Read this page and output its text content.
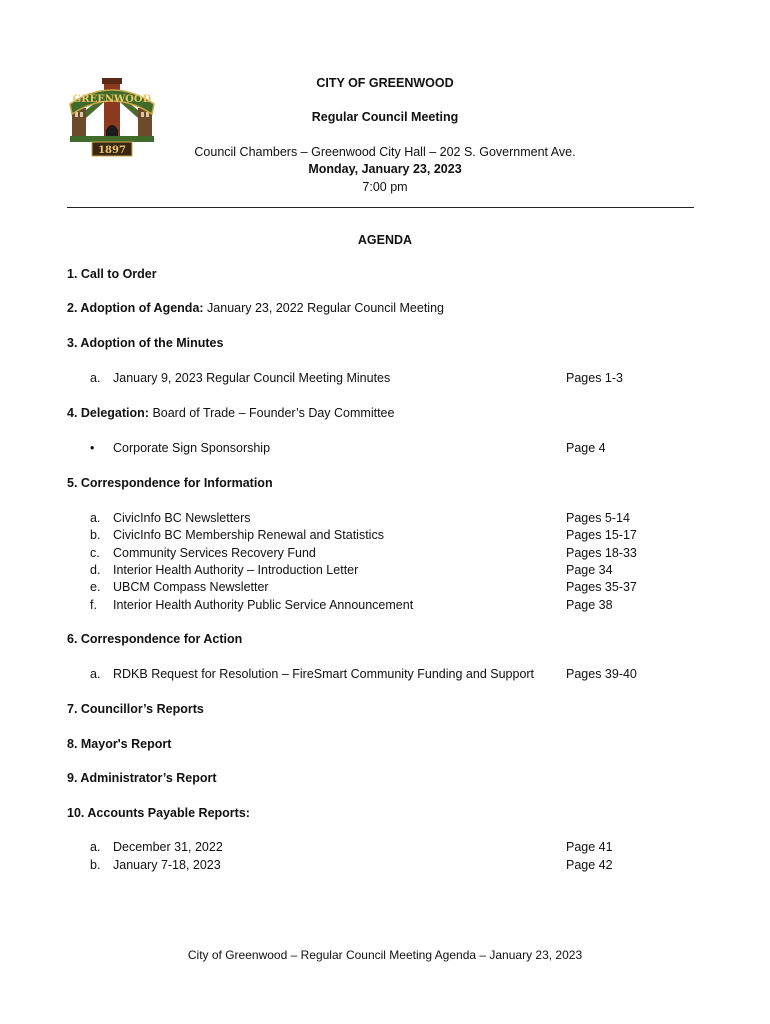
GREENWOOD
1897
CITY OF GREENWOOD
Regular Council Meeting
Council Chambers – Greenwood City Hall – 202 S. Government Ave.
Monday, January 23, 2023
7:00 pm
AGENDA
1. Call to Order
2. Adoption of Agenda: January 23, 2022 Regular Council Meeting
3. Adoption of the Minutes
a. January 9, 2023 Regular Council Meeting Minutes	Pages 1-3
4. Delegation: Board of Trade – Founder’s Day Committee
• Corporate Sign Sponsorship	Page 4
5. Correspondence for Information
a. CivicInfo BC Newsletters	Pages 5-14
b. CivicInfo BC Membership Renewal and Statistics	Pages 15-17
c. Community Services Recovery Fund	Pages 18-33
d. Interior Health Authority – Introduction Letter	Page 34
e. UBCM Compass Newsletter	Pages 35-37
f. Interior Health Authority Public Service Announcement	Page 38
6. Correspondence for Action
a. RDKB Request for Resolution – FireSmart Community Funding and Support	Pages 39-40
7. Councillor’s Reports
8. Mayor's Report
9. Administrator’s Report
10. Accounts Payable Reports:
a. December 31, 2022	Page 41
b. January 7-18, 2023	Page 42
City of Greenwood – Regular Council Meeting Agenda – January 23, 2023
